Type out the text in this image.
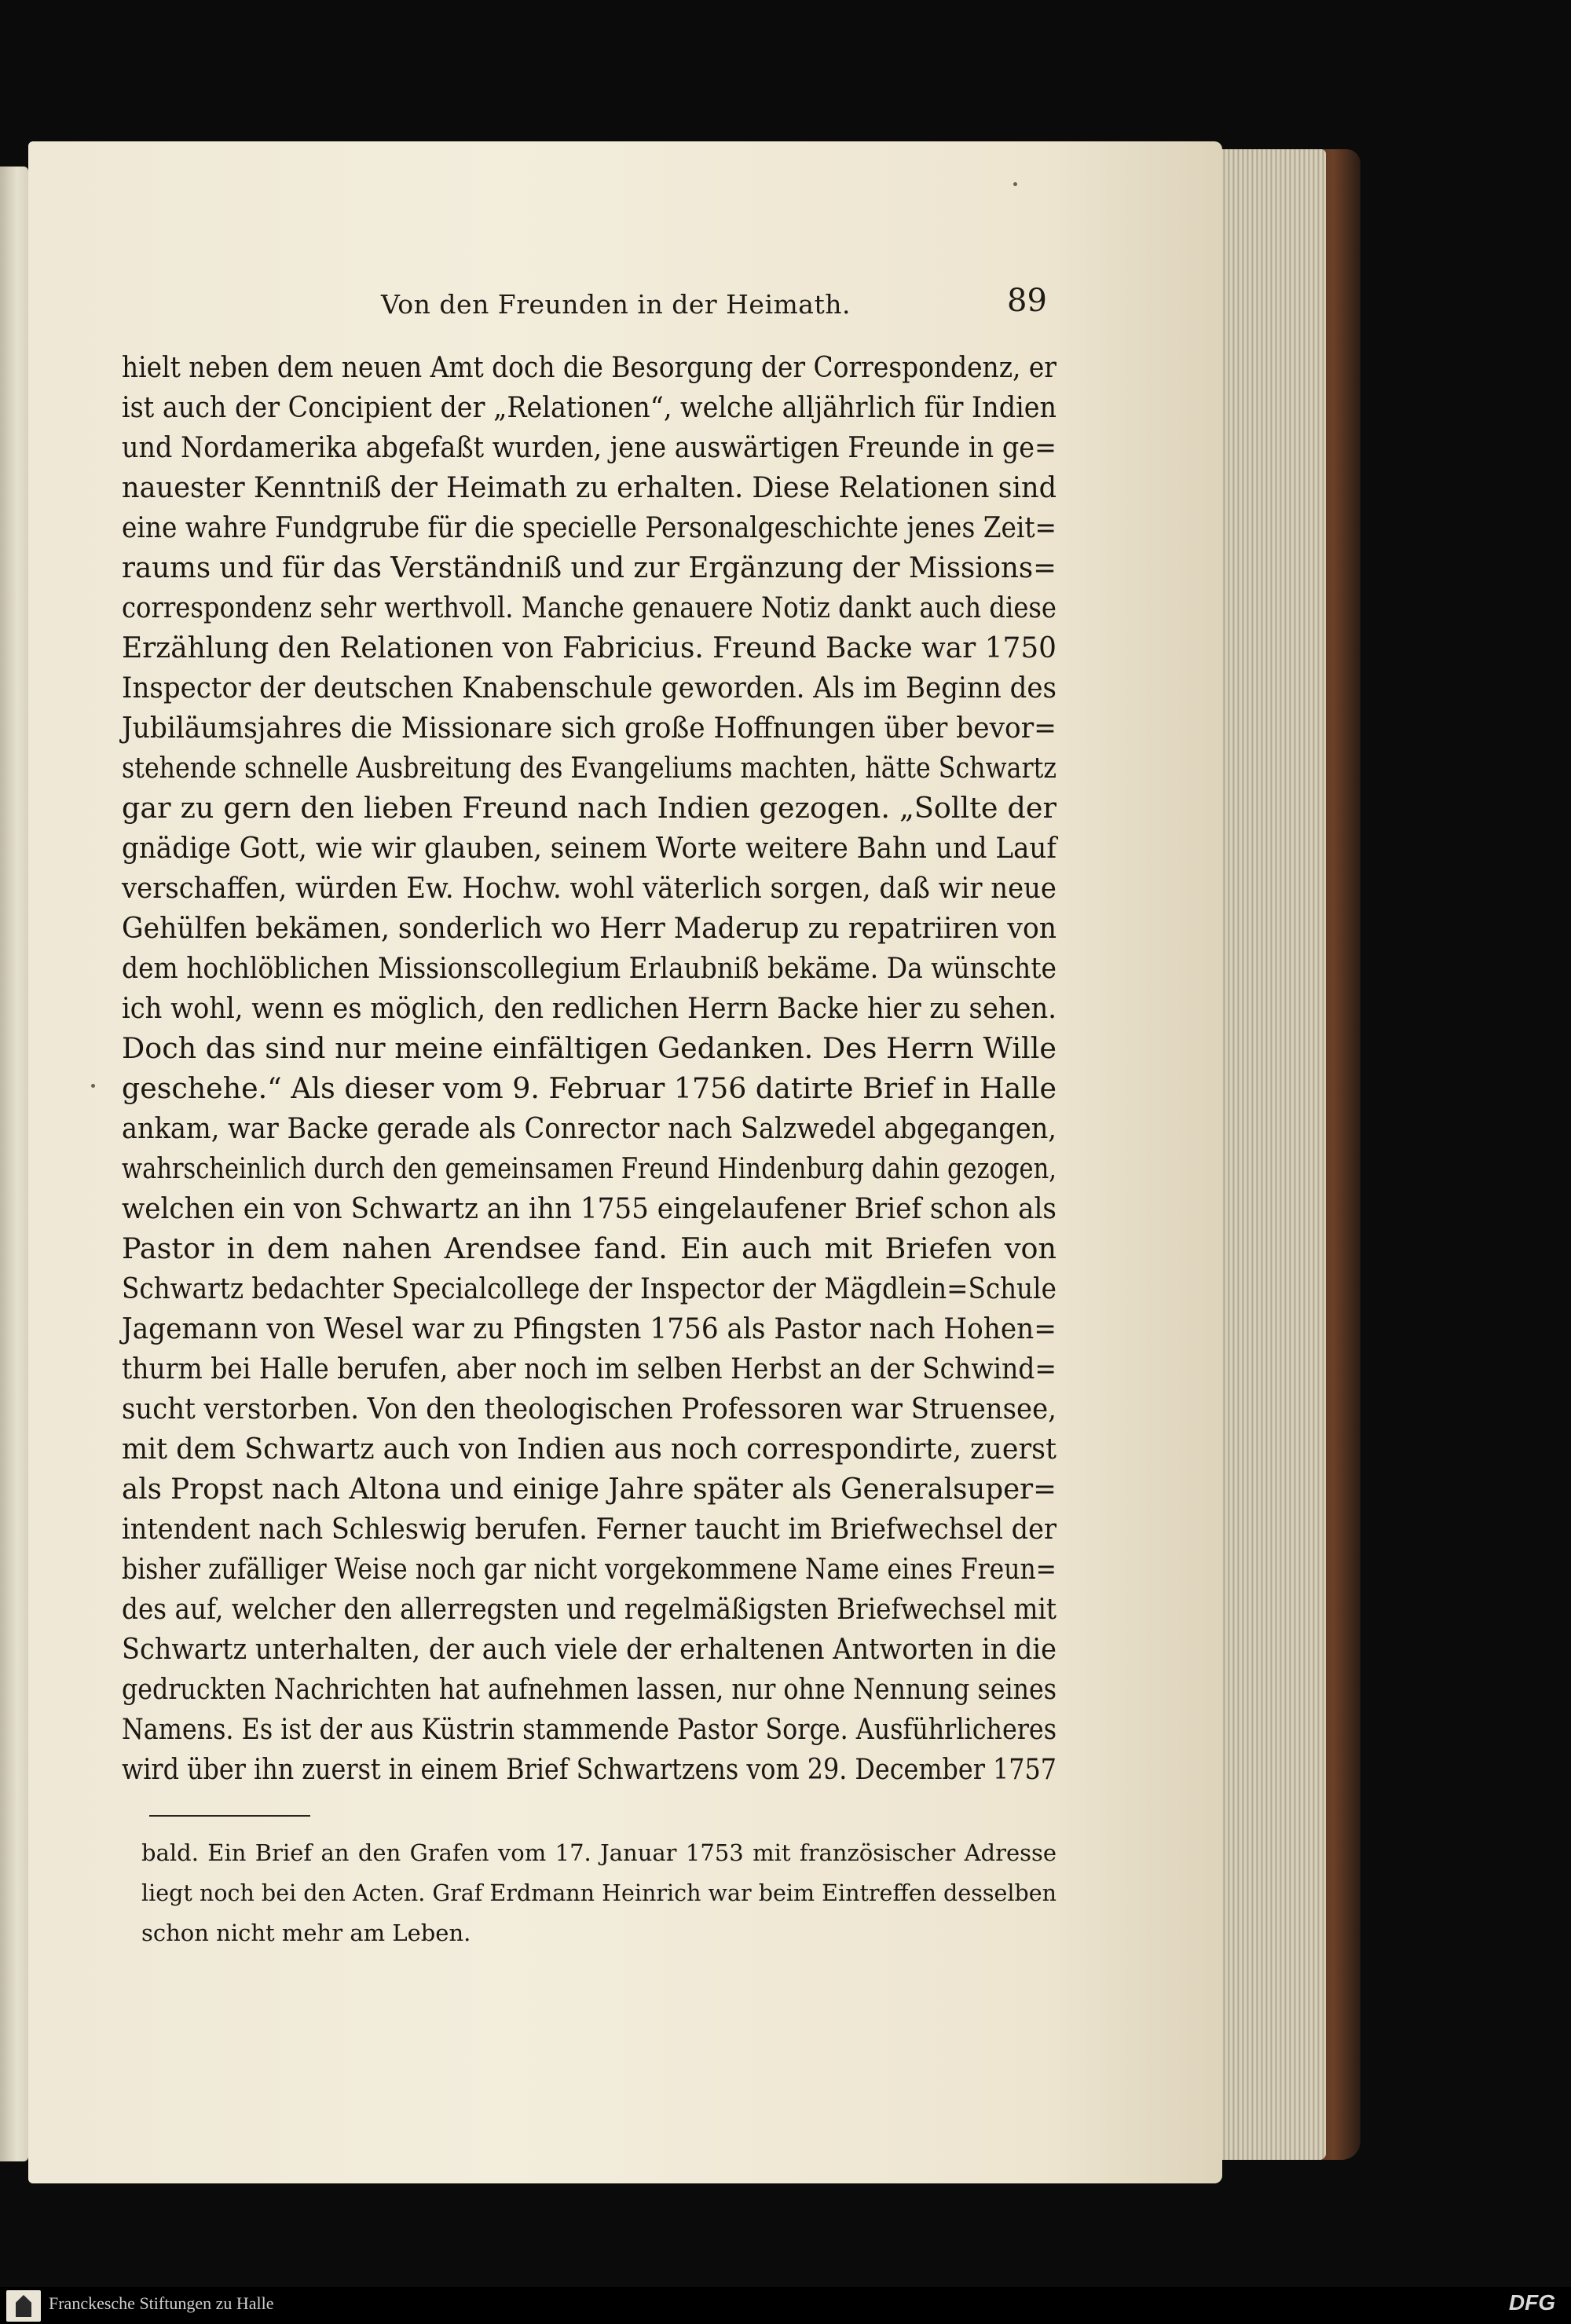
Von den Freunden in der Heimath.	89
hielt neben dem neuen Amt doch die Besorgung der Correspondenz, er
ist auch der Concipient der „Relationen“, welche alljährlich für Indien
und Nordamerika abgefaßt wurden, jene auswärtigen Freunde in ge=
nauester Kenntniß der Heimath zu erhalten. Diese Relationen sind
eine wahre Fundgrube für die specielle Personalgeschichte jenes Zeit=
raums und für das Verständniß und zur Ergänzung der Missions=
correspondenz sehr werthvoll. Manche genauere Notiz dankt auch diese
Erzählung den Relationen von Fabricius. Freund Backe war 1750
Inspector der deutschen Knabenschule geworden. Als im Beginn des
Jubiläumsjahres die Missionare sich große Hoffnungen über bevor=
stehende schnelle Ausbreitung des Evangeliums machten, hätte Schwartz
gar zu gern den lieben Freund nach Indien gezogen. „Sollte der
gnädige Gott, wie wir glauben, seinem Worte weitere Bahn und Lauf
verschaffen, würden Ew. Hochw. wohl väterlich sorgen, daß wir neue
Gehülfen bekämen, sonderlich wo Herr Maderup zu repatriiren von
dem hochlöblichen Missionscollegium Erlaubniß bekäme. Da wünschte
ich wohl, wenn es möglich, den redlichen Herrn Backe hier zu sehen.
Doch das sind nur meine einfältigen Gedanken. Des Herrn Wille
geschehe.“ Als dieser vom 9. Februar 1756 datirte Brief in Halle
ankam, war Backe gerade als Conrector nach Salzwedel abgegangen,
wahrscheinlich durch den gemeinsamen Freund Hindenburg dahin gezogen,
welchen ein von Schwartz an ihn 1755 eingelaufener Brief schon als
Pastor in dem nahen Arendsee fand. Ein auch mit Briefen von
Schwartz bedachter Specialcollege der Inspector der Mägdlein=Schule
Jagemann von Wesel war zu Pfingsten 1756 als Pastor nach Hohen=
thurm bei Halle berufen, aber noch im selben Herbst an der Schwind=
sucht verstorben. Von den theologischen Professoren war Struensee,
mit dem Schwartz auch von Indien aus noch correspondirte, zuerst
als Propst nach Altona und einige Jahre später als Generalsuper=
intendent nach Schleswig berufen. Ferner taucht im Briefwechsel der
bisher zufälliger Weise noch gar nicht vorgekommene Name eines Freun=
des auf, welcher den allerregsten und regelmäßigsten Briefwechsel mit
Schwartz unterhalten, der auch viele der erhaltenen Antworten in die
gedruckten Nachrichten hat aufnehmen lassen, nur ohne Nennung seines
Namens. Es ist der aus Küstrin stammende Pastor Sorge. Ausführlicheres
wird über ihn zuerst in einem Brief Schwartzens vom 29. December 1757
bald. Ein Brief an den Grafen vom 17. Januar 1753 mit französischer Adresse
liegt noch bei den Acten. Graf Erdmann Heinrich war beim Eintreffen desselben
schon nicht mehr am Leben.
Franckesche Stiftungen zu Halle	DFG
